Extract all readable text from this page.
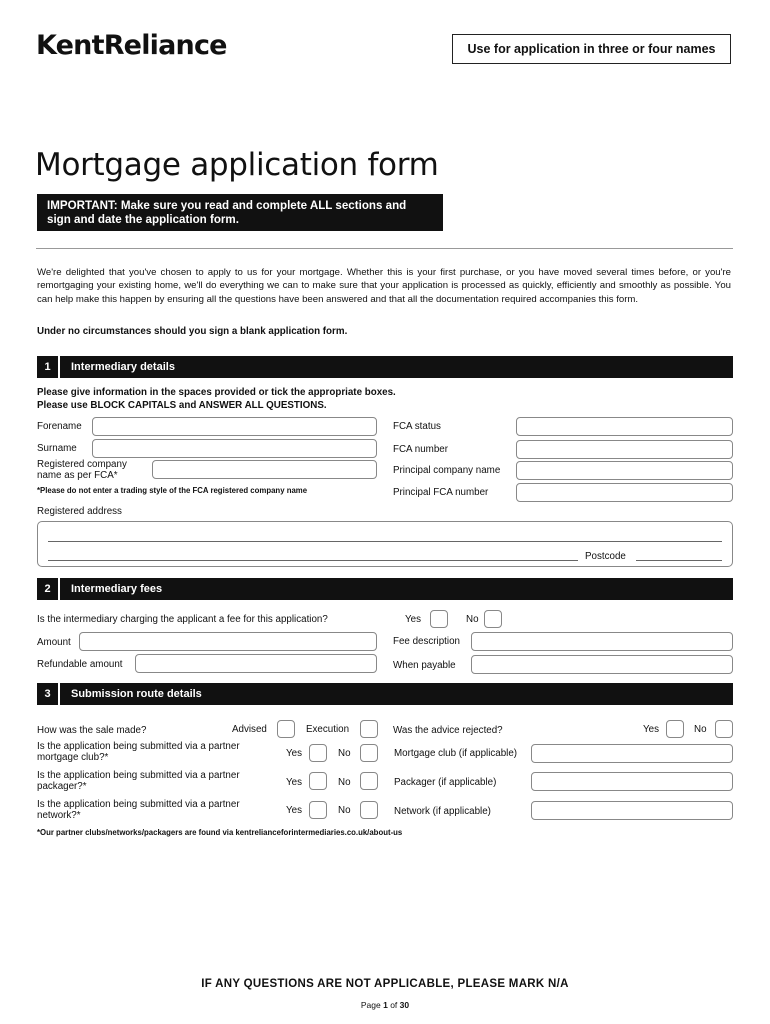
KentReliance	Use for application in three or four names
Mortgage application form
IMPORTANT: Make sure you read and complete ALL sections and sign and date the application form.
We're delighted that you've chosen to apply to us for your mortgage. Whether this is your first purchase, or you have moved several times before, or you're remortgaging your existing home, we'll do everything we can to make sure that your application is processed as quickly, efficiently and smoothly as possible. You can help make this happen by ensuring all the questions have been answered and that all the documentation required accompanies this form.
Under no circumstances should you sign a blank application form.
1	Intermediary details
Please give information in the spaces provided or tick the appropriate boxes.
Please use BLOCK CAPITALS and ANSWER ALL QUESTIONS.
Forename
Surname
Registered company name as per FCA*
*Please do not enter a trading style of the FCA registered company name
FCA status
FCA number
Principal company name
Principal FCA number
Registered address
Postcode
2	Intermediary fees
Is the intermediary charging the applicant a fee for this application?	Yes	No
Amount
Refundable amount
Fee description
When payable
3	Submission route details
How was the sale made?	Advised	Execution	Was the advice rejected?	Yes	No
Is the application being submitted via a partner mortgage club?*	Yes	No	Mortgage club (if applicable)
Is the application being submitted via a partner packager?*	Yes	No	Packager (if applicable)
Is the application being submitted via a partner network?*	Yes	No	Network (if applicable)
*Our partner clubs/networks/packagers are found via kentrelianceforintermediaries.co.uk/about-us
IF ANY QUESTIONS ARE NOT APPLICABLE, PLEASE MARK N/A
Page 1 of 30
